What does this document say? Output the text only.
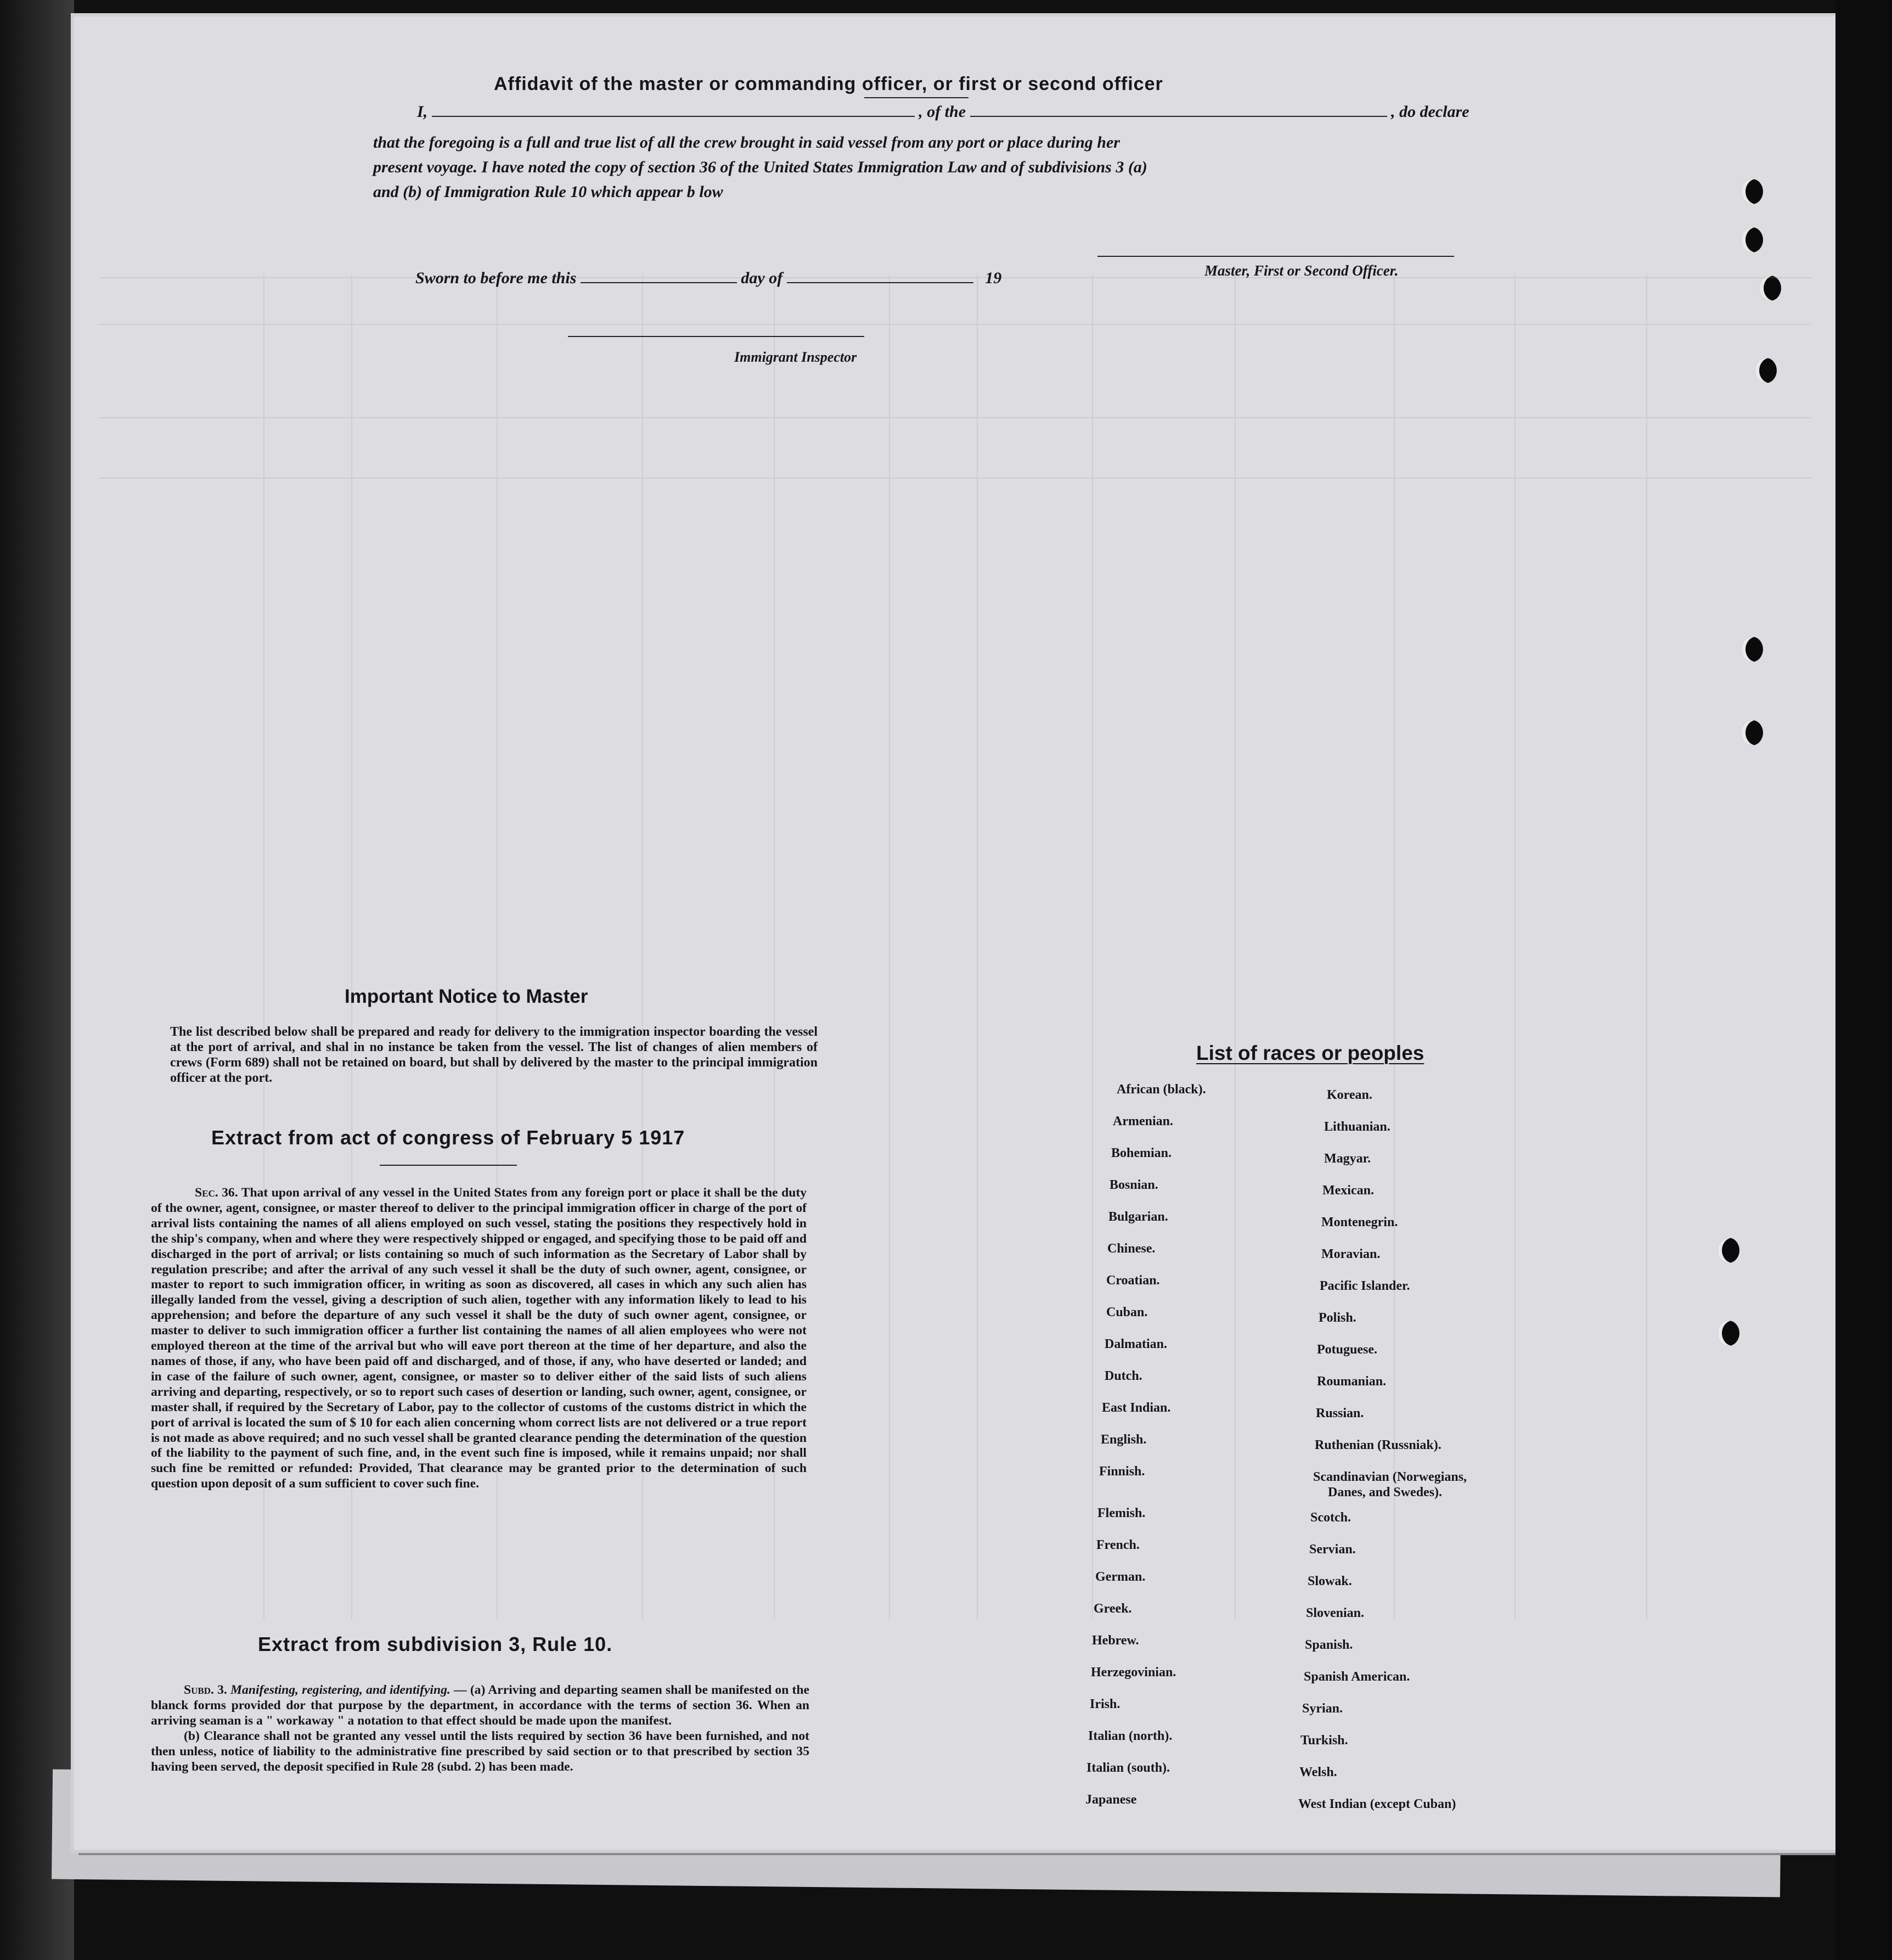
Affidavit of the master or commanding officer, or first or second officer
I,	, of the	, do declare
that the foregoing is a full and true list of all the crew brought in said vessel from any port or place during her
present voyage. I have noted the copy of section 36 of the United States Immigration Law and of subdivisions 3 (a)
and (b) of Immigration Rule 10 which appear b low
Master, First or Second Officer.
Sworn to before me this	day of	19
Immigrant Inspector
Important Notice to Master
The list described below shall be prepared and ready for delivery to the immigration inspector boarding the vessel at the port of arrival, and shal in no instance be taken from the vessel. The list of changes of alien members of crews (Form 689) shall not be retained on board, but shall by delivered by the master to the principal immigration officer at the port.
Extract from act of congress of February 5 1917
Sec. 36. That upon arrival of any vessel in the United States from any foreign port or place it shall be the duty of the owner, agent, consignee, or master thereof to deliver to the principal immigration officer in charge of the port of arrival lists containing the names of all aliens employed on such vessel, stating the positions they respectively hold in the ship's company, when and where they were respectively shipped or engaged, and specifying those to be paid off and discharged in the port of arrival; or lists containing so much of such information as the Secretary of Labor shall by regulation prescribe; and after the arrival of any such vessel it shall be the duty of such owner, agent, consignee, or master to report to such immigration officer, in writing as soon as discovered, all cases in which any such alien has illegally landed from the vessel, giving a description of such alien, together with any information likely to lead to his apprehension; and before the departure of any such vessel it shall be the duty of such owner agent, consignee, or master to deliver to such immigration officer a further list containing the names of all alien employees who were not employed thereon at the time of the arrival but who will eave port thereon at the time of her departure, and also the names of those, if any, who have been paid off and discharged, and of those, if any, who have deserted or landed; and in case of the failure of such owner, agent, consignee, or master so to deliver either of the said lists of such aliens arriving and departing, respectively, or so to report such cases of desertion or landing, such owner, agent, consignee, or master shall, if required by the Secretary of Labor, pay to the collector of customs of the customs district in which the port of arrival is located the sum of $ 10 for each alien concerning whom correct lists are not delivered or a true report is not made as above required; and no such vessel shall be granted clearance pending the determination of the question of the liability to the payment of such fine, and, in the event such fine is imposed, while it remains unpaid; nor shall such fine be remitted or refunded: Provided, That clearance may be granted prior to the determination of such question upon deposit of a sum sufficient to cover such fine.
Extract from subdivision 3, Rule 10.
Subd. 3. Manifesting, registering, and identifying. — (a) Arriving and departing seamen shall be manifested on the blanck forms provided dor that purpose by the department, in accordance with the terms of section 36. When an arriving seaman is a " workaway " a notation to that effect should be made upon the manifest.
(b) Clearance shall not be granted any vessel until the lists required by section 36 have been furnished, and not then unless, notice of liability to the administrative fine prescribed by said section or to that prescribed by section 35 having been served, the deposit specified in Rule 28 (subd. 2) has been made.
List of races or peoples
African (black).
Armenian.
Bohemian.
Bosnian.
Bulgarian.
Chinese.
Croatian.
Cuban.
Dalmatian.
Dutch.
East Indian.
English.
Finnish.
Flemish.
French.
German.
Greek.
Hebrew.
Herzegovinian.
Irish.
Italian (north).
Italian (south).
Japanese
Korean.
Lithuanian.
Magyar.
Mexican.
Montenegrin.
Moravian.
Pacific Islander.
Polish.
Potuguese.
Roumanian.
Russian.
Ruthenian (Russniak).
Scandinavian (Norwegians,
Danes, and Swedes).
Scotch.
Servian.
Slowak.
Slovenian.
Spanish.
Spanish American.
Syrian.
Turkish.
Welsh.
West Indian (except Cuban)
